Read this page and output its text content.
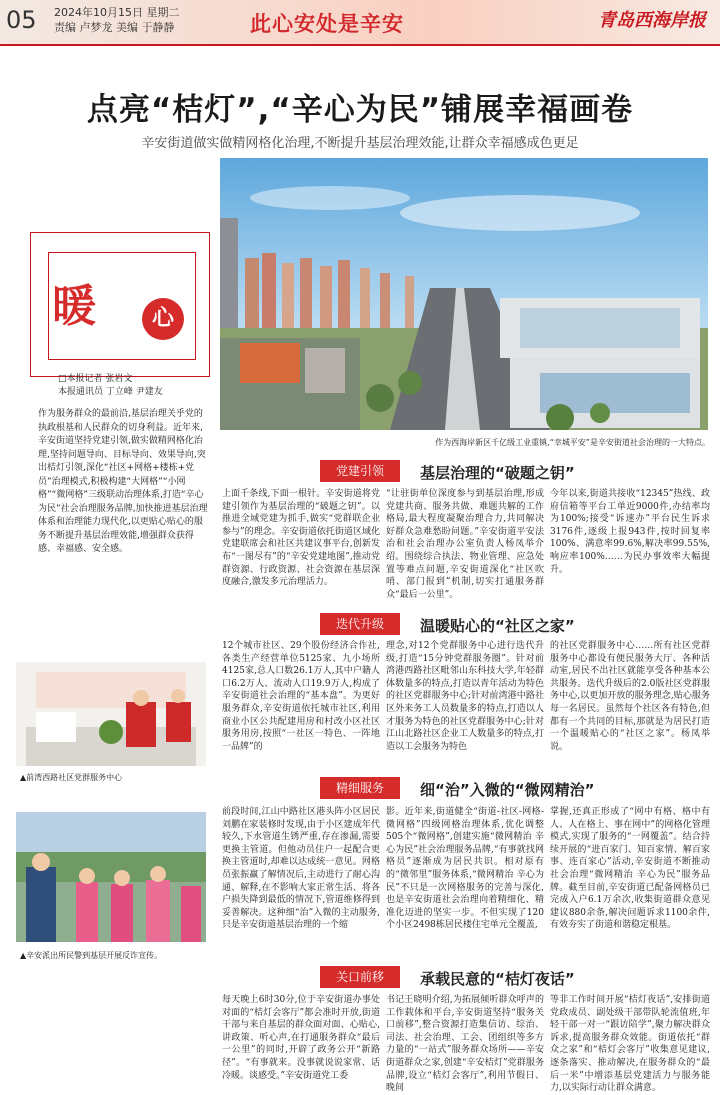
05 2024年10月15日 星期二
责编 卢梦龙 美编 于静静	此心安处是辛安	青岛西海岸报
点亮“桔灯”,“辛心为民”铺展幸福画卷
辛安街道做实做精网格化治理,不断提升基层治理效能,让群众幸福感成色更足
作为西海岸新区千亿级工业重镇,“幸城平安”是辛安街道社会治理的一大特点。
暖	心
□本报记者 张岩文
本报通讯员 丁立峰 尹建友
作为服务群众的最前沿,基层治理关乎党的执政根基和人民群众的切身利益。近年来,辛安街道坚持党建引领,做实做精网格化治理,坚持问题导向、目标导向、效果导向,突出桔灯引领,深化“社区+网格+楼栋+党员”治理模式,积极构建“大网格”“小网格”“微网格”三级联动治理体系,打造“辛心为民”社会治理服务品牌,加快推进基层治理体系和治理能力现代化,以更贴心贴心的服务不断提升基层治理效能,增强群众获得感、幸福感、安全感。
▲前湾西路社区党群服务中心
▲辛安派出所民警到基层开展反诈宣传。
党建引领	基层治理的“破题之钥”
上面千条线,下面一根针。辛安街道将党建引领作为基层治理的“破题之钥”。以推进全域党建为抓手,做实“党群联企业参与”的理念。辛安街道依托街道区域化党建联席会和社区共建议事平台,创新发布“一图尽有”的“辛安党建地图”,推动党群资源、行政资源、社会资源在基层深度融合,激发多元治理活力。
“让驻街单位深度参与到基层治理,形成党建共商、服务共做、难题共解的工作格局,最大程度凝聚治理合力,共同解决好群众急难愁盼问题。”辛安街道平安法治和社会治理办公室负责人杨凤举介绍。围绕综合执法、物业管理、应急处置等难点问题,辛安街道深化“社区吹哨、部门报到”机制,切实打通服务群众“最后一公里”。
今年以来,街道共接收“12345”热线、政府信箱等平台工单近9000件,办结率均为100%;接受“诉速办”平台民生诉求3176件,逐级上报943件,按时回复率100%、满意率99.6%,解决率99.55%,响应率100%……为民办事效率大幅提升。
迭代升级	温暖贴心的“社区之家”
12个城市社区、29个股份经济合作社,各类生产经营单位5125家、九小场所4125家,总人口数26.1万人,其中户籍人口6.2万人、流动人口19.9万人,构成了辛安街道社会治理的“基本盘”。为更好服务群众,辛安街道依托城市社区,利用商业小区公共配建用房和村改小区社区服务用房,按照“一社区一特色、一阵地一品牌”的
理念,对12个党群服务中心进行迭代升级,打造“15分钟党群服务圈”。针对前湾港西路社区毗邻山东科技大学,年轻群体数量多的特点,打造以青年活动为特色的社区党群服务中心;针对前湾港中路社区外来务工人员数量多的特点,打造以人才服务为特色的社区党群服务中心;针对江山北路社区企业工人数量多的特点,打造以工会服务为特色
的社区党群服务中心……所有社区党群服务中心都设有便民服务大厅、各种活动室,居民不出社区就能享受各种基本公共服务。迭代升级后的2.0版社区党群服务中心,以更加开放的服务理念,贴心服务每一名居民。虽然每个社区各有特色,但都有一个共同的目标,那就是为居民打造一个温暖贴心的“社区之家”。杨凤举说。
精细服务	细“治”入微的“微网精治”
前段时间,江山中路社区港头阵小区居民刘鹏在家装修时发现,由于小区建成年代较久,下水管道生锈严重,存在渗漏,需要更换主管道。但他动员住户一起配合更换主管道时,却难以达成统一意见。网格员张振赢了解情况后,主动进行了耐心沟通、解释,在不影响大家正常生活、将各户损失降到最低的情况下,管道维修得到妥善解决。这种细“治”入微的主动服务,只是辛安街道基层治理的一个缩
影。近年来,街道健全“街道-社区-网格-微网格”四级网格治理体系,优化调整505个“微网格”,创建实施“微网精治 辛心为民”社会治理服务品牌,“有事就找网格员”逐渐成为居民共识。相对原有的“微邻里”服务体系,“微网精治 辛心为民”不只是一次网格服务的完善与深化,也是辛安街道社会治理向着精细化、精准化迈进的坚实一步。不但实现了120个小区2498栋居民楼住宅单元全覆盖,
掌握,还真正形成了“网中有格、格中有人、人在格上、事在网中”的网格化管理模式,实现了服务的“一网覆盖”。结合持续开展的“进百家门、知百家情、解百家事、连百家心”活动,辛安街道不断推动社会治理“微网精治 辛心为民”服务品牌。截至目前,辛安街道已配备网格员已完成入户6.1万余次,收集街道群众意见建议880余条,解决问题诉求1100余件,有效夯实了街道和谐稳定根基。
关口前移	承载民意的“桔灯夜话”
每天晚上6时30分,位于辛安街道办事处对面的“桔灯会客厅”都会准时开放,街道干部与来自基层的群众面对面、心贴心,讲政策、听心声,在打通服务群众“最后一公里”的同时,开辟了政务公开“新路径”。“有事就来。没事就说说家常、话冷暖。谈感受。”辛安街道党工委
书记王晓明介绍,为拓展倾听群众呼声的工作载体和平台,辛安街道坚持“服务关口前移”,整合资源打造集信访、综治、司法、社会治理、工会、团组织等多方力量的“一站式”服务群众场所——辛安街道群众之家,创建“辛安桔灯”党群服务品牌,设立“桔灯会客厅”,利用节假日、晚间
等非工作时间开展“桔灯夜话”,安排街道党政成员、副处级干部带队轮流值班,年轻干部一对一“跟访陪学”,聚力解决群众诉求,提高服务群众效能。街道依托“群众之家”和“桔灯会客厅”收集意见建议,逐条落实、推动解决,在服务群众的“最后一米”中增添基层党建活力与服务能力,以实际行动让群众满意。
